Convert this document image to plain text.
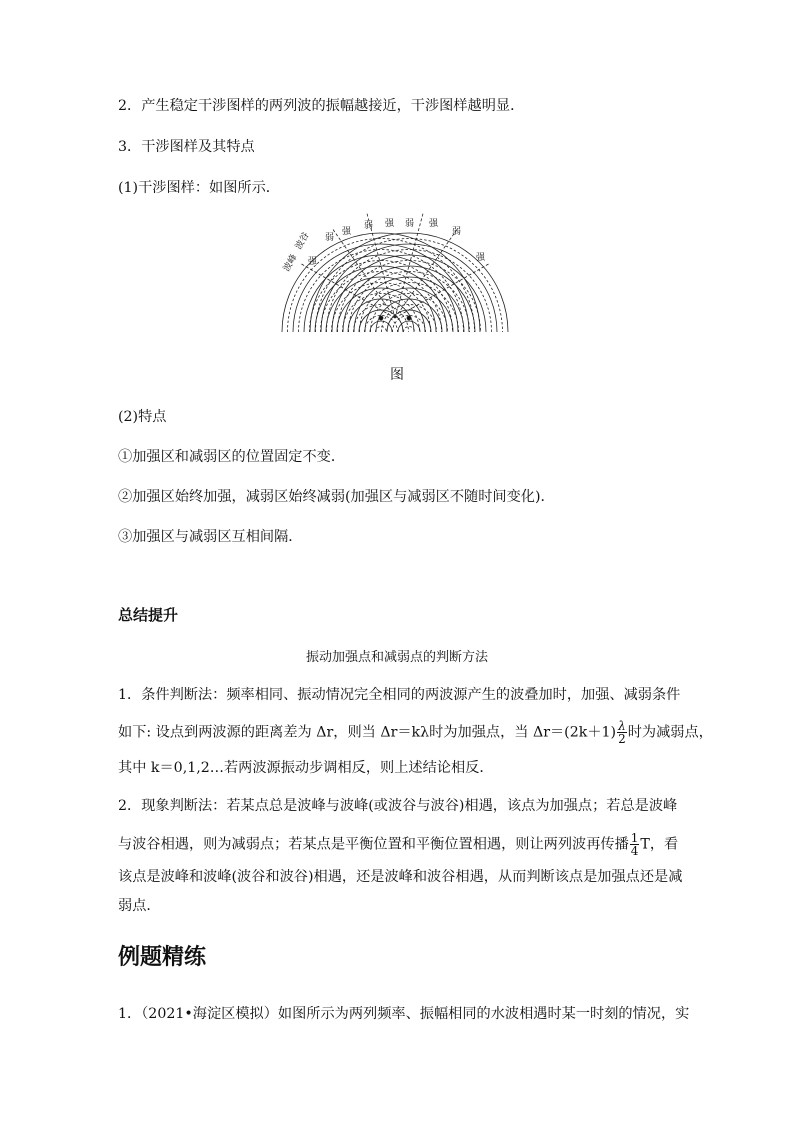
2．产生稳定干涉图样的两列波的振幅越接近，干涉图样越明显．
3．干涉图样及其特点
(1)干涉图样：如图所示．
波峰
波谷
强
强
弱
弱
强 弱 强
弱
强
图
(2)特点
①加强区和减弱区的位置固定不变．
②加强区始终加强，减弱区始终减弱(加强区与减弱区不随时间变化)．
③加强区与减弱区互相间隔．
总结提升
振动加强点和减弱点的判断方法
1．条件判断法：频率相同、振动情况完全相同的两波源产生的波叠加时，加强、减弱条件
如下: 设点到两波源的距离差为 Δr，则当 Δr＝kλ时为加强点，当 $\Delta r=(2k+1) \frac{\lambda}{2}$ 时为减弱点，
其中 k＝0,1,2…若两波源振动步调相反，则上述结论相反．
2．现象判断法：若某点总是波峰与波峰(或波谷与波谷)相遇，该点为加强点；若总是波峰
与波谷相遇，则为减弱点；若某点是平衡位置和平衡位置相遇，则让两列波再传播 $\frac{1}{4}$ T，看
该点是波峰和波峰(波谷和波谷)相遇，还是波峰和波谷相遇，从而判断该点是加强点还是减
弱点．
例题精练
1．（2021•海淀区模拟）如图所示为两列频率、振幅相同的水波相遇时某一时刻的情况，实
